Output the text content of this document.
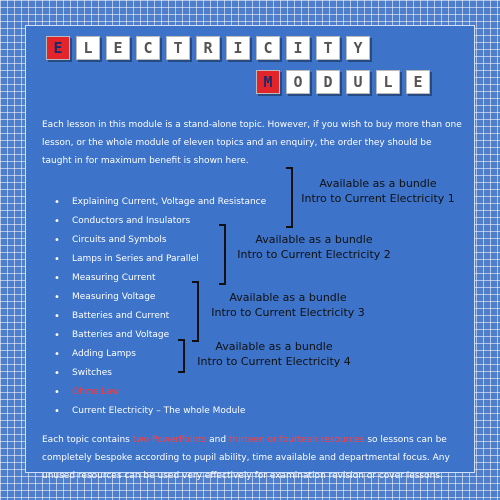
E	L	E	C	T	R	I	C	I	T	Y
M	O	D	U	L	E

Each lesson in this module is a stand-alone topic. However, if you wish to buy more than one lesson, or the whole module of eleven topics and an enquiry, the order they should be taught in for maximum benefit is shown here.

• Explaining Current, Voltage and Resistance
• Conductors and Insulators
• Circuits and Symbols
• Lamps in Series and Parallel
• Measuring Current
• Measuring Voltage
• Batteries and Current
• Batteries and Voltage
• Adding Lamps
• Switches
• Ohms Law
• Current Electricity – The whole Module
Available as a bundle
Intro to Current Electricity 1
Available as a bundle
Intro to Current Electricity 2
Available as a bundle
Intro to Current Electricity 3
Available as a bundle
Intro to Current Electricity 4

Each topic contains two PowerPoints and thirteen or fourteen resources so lessons can be completely bespoke according to pupil ability, time available and departmental focus. Any unused resources can be used very effectively for examination revision or cover lessons.
